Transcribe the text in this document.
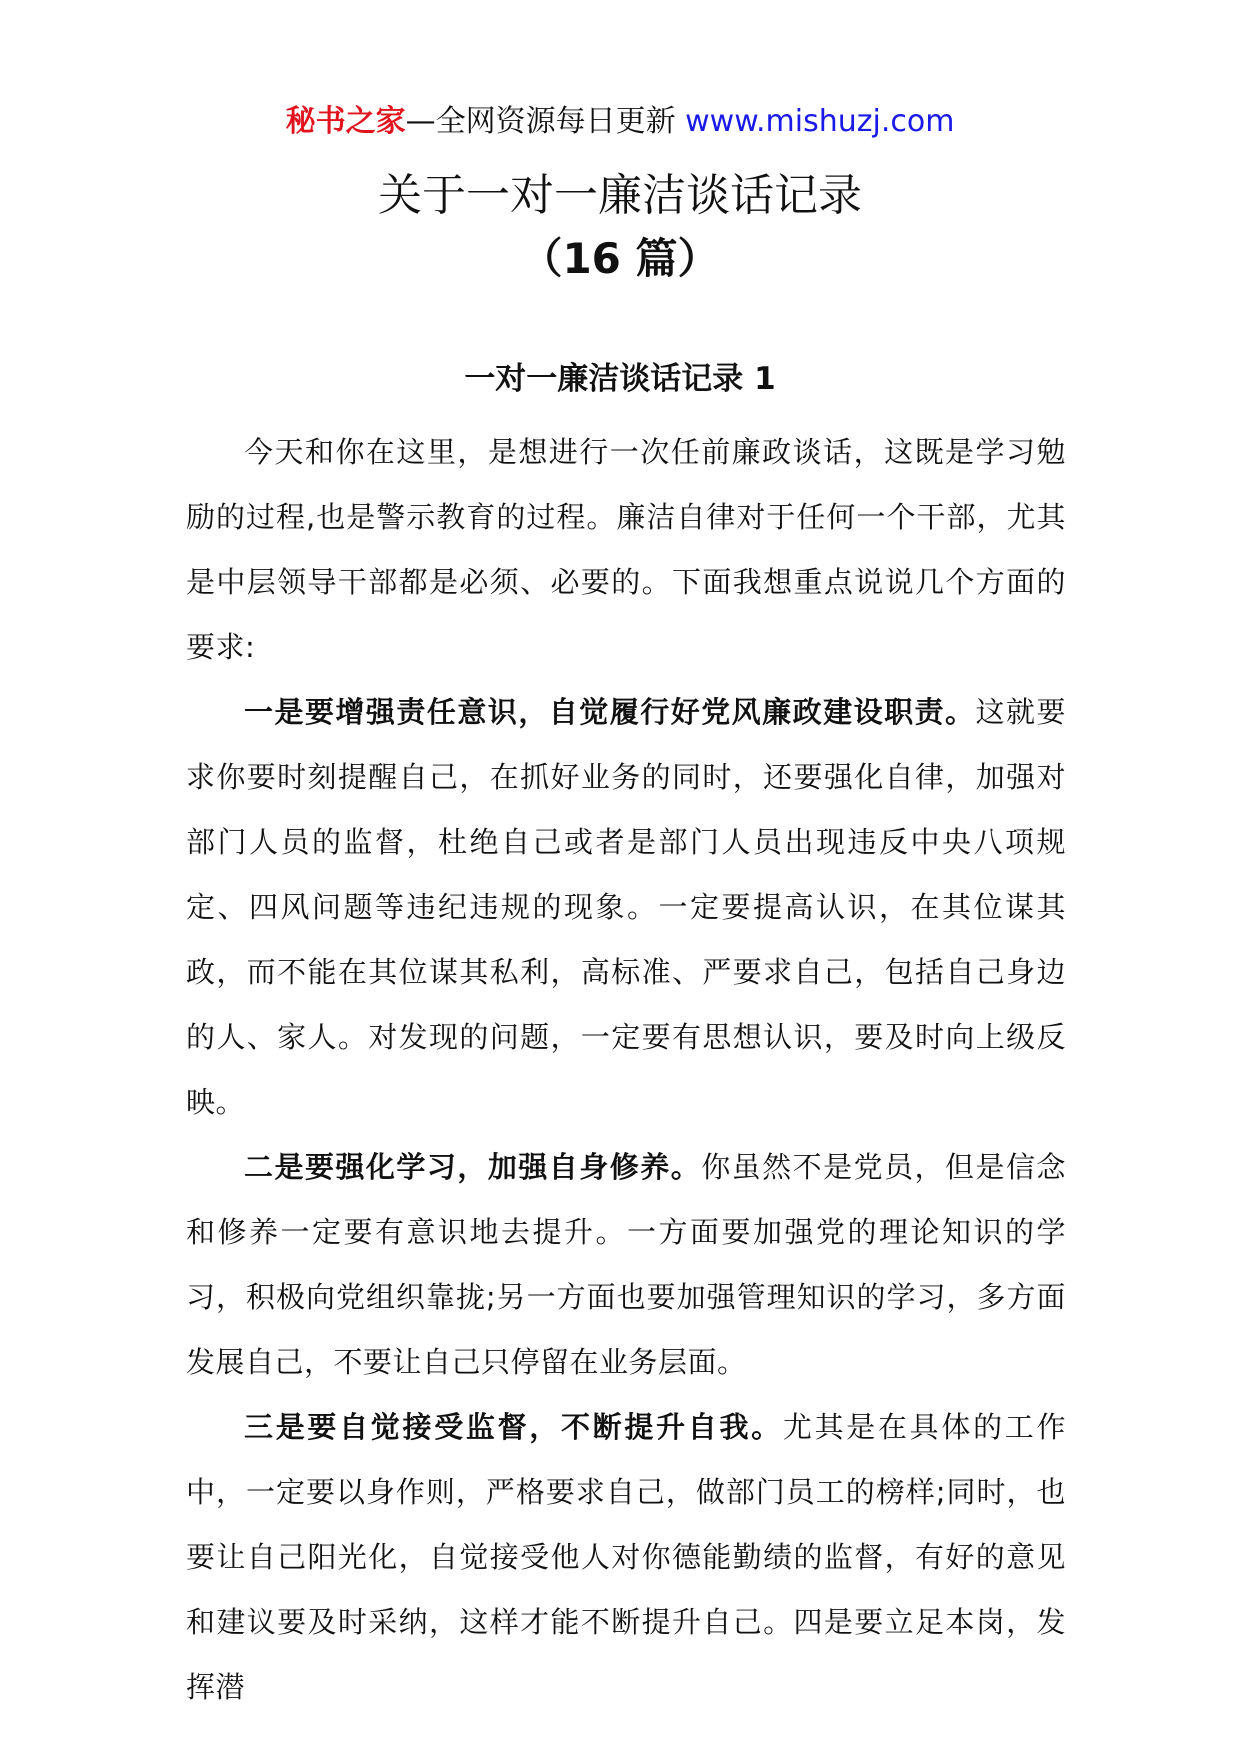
秘书之家—全网资源每日更新 www.mishuzj.com
关于一对一廉洁谈话记录
（16 篇）
一对一廉洁谈话记录 1

今天和你在这里，是想进行一次任前廉政谈话，这既是学习勉励的过程,也是警示教育的过程。廉洁自律对于任何一个干部，尤其是中层领导干部都是必须、必要的。下面我想重点说说几个方面的要求:

一是要增强责任意识，自觉履行好党风廉政建设职责。这就要求你要时刻提醒自己，在抓好业务的同时，还要强化自律，加强对部门人员的监督，杜绝自己或者是部门人员出现违反中央八项规定、四风问题等违纪违规的现象。一定要提高认识，在其位谋其政，而不能在其位谋其私利，高标准、严要求自己，包括自己身边的人、家人。对发现的问题，一定要有思想认识，要及时向上级反映。

二是要强化学习，加强自身修养。你虽然不是党员，但是信念和修养一定要有意识地去提升。一方面要加强党的理论知识的学习，积极向党组织靠拢;另一方面也要加强管理知识的学习，多方面发展自己，不要让自己只停留在业务层面。

三是要自觉接受监督，不断提升自我。尤其是在具体的工作中，一定要以身作则，严格要求自己，做部门员工的榜样;同时，也要让自己阳光化，自觉接受他人对你德能勤绩的监督，有好的意见和建议要及时采纳，这样才能不断提升自己。四是要立足本岗，发挥潜
